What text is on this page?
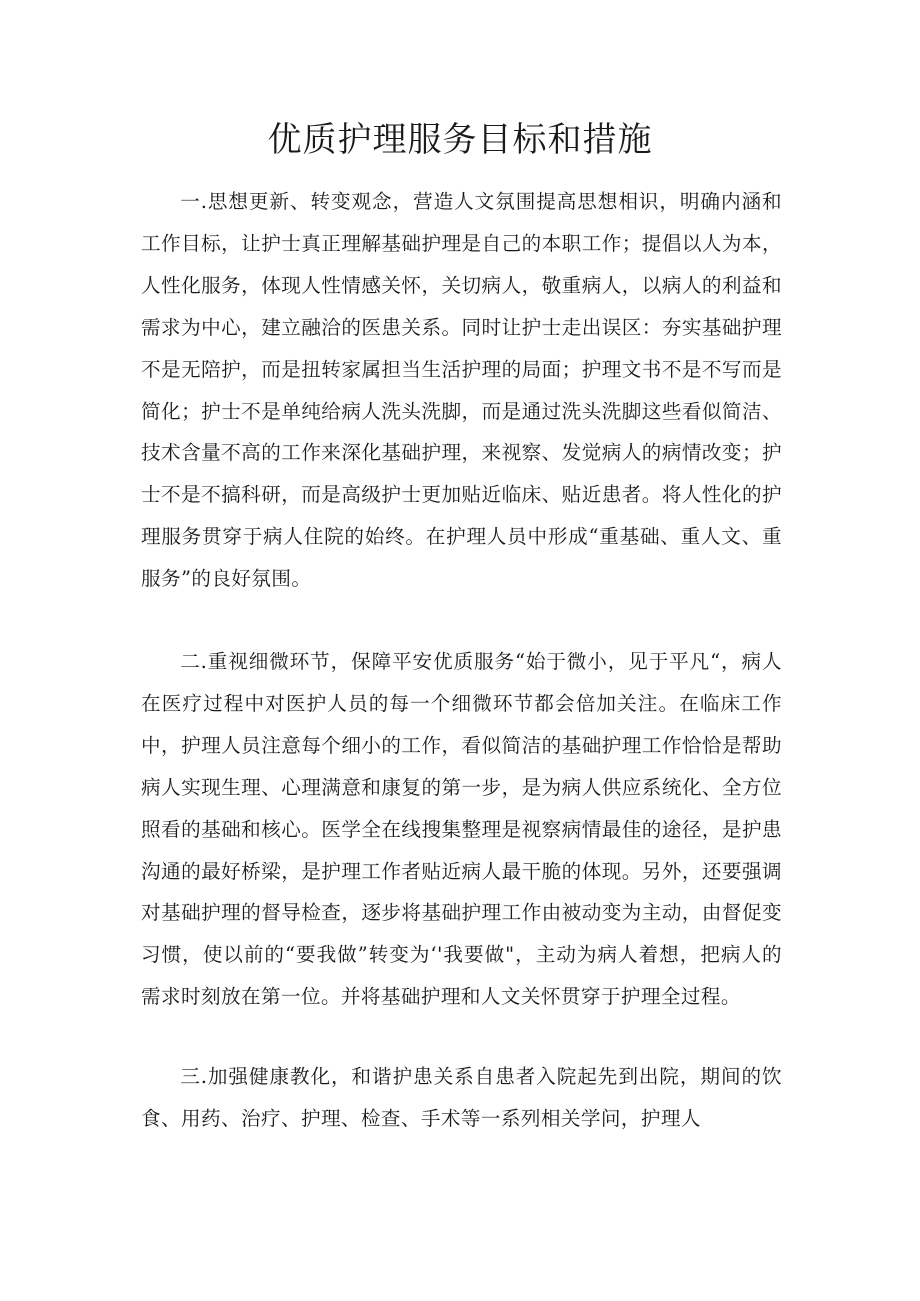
优质护理服务目标和措施

一.思想更新、转变观念，营造人文氛围提高思想相识，明确内涵和工作目标，让护士真正理解基础护理是自己的本职工作；提倡以人为本，人性化服务，体现人性情感关怀，关切病人，敬重病人，以病人的利益和需求为中心，建立融洽的医患关系。同时让护士走出误区：夯实基础护理不是无陪护，而是扭转家属担当生活护理的局面；护理文书不是不写而是简化；护士不是单纯给病人洗头洗脚，而是通过洗头洗脚这些看似简洁、技术含量不高的工作来深化基础护理，来视察、发觉病人的病情改变；护士不是不搞科研，而是高级护士更加贴近临床、贴近患者。将人性化的护理服务贯穿于病人住院的始终。在护理人员中形成“重基础、重人文、重服务”的良好氛围。

二.重视细微环节，保障平安优质服务“始于微小，见于平凡“，病人在医疗过程中对医护人员的每一个细微环节都会倍加关注。在临床工作中，护理人员注意每个细小的工作，看似简洁的基础护理工作恰恰是帮助病人实现生理、心理满意和康复的第一步，是为病人供应系统化、全方位照看的基础和核心。医学全在线搜集整理是视察病情最佳的途径，是护患沟通的最好桥梁，是护理工作者贴近病人最干脆的体现。另外，还要强调对基础护理的督导检查，逐步将基础护理工作由被动变为主动，由督促变习惯，使以前的“要我做”转变为‘'我要做"，主动为病人着想，把病人的需求时刻放在第一位。并将基础护理和人文关怀贯穿于护理全过程。

三.加强健康教化，和谐护患关系自患者入院起先到出院，期间的饮食、用药、治疗、护理、检查、手术等一系列相关学问，护理人
